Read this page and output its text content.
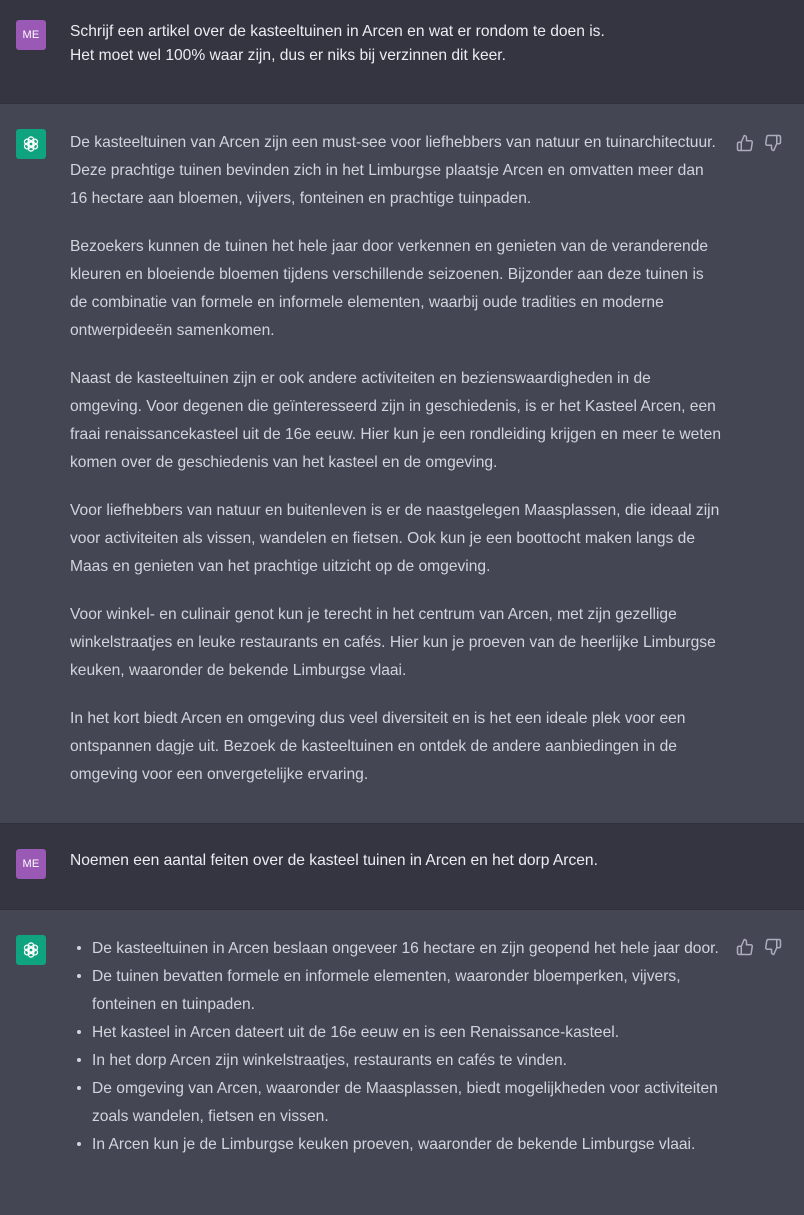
ME Schrijf een artikel over de kasteeltuinen in Arcen en wat er rondom te doen is.

Het moet wel 100% waar zijn, dus er niks bij verzinnen dit keer.

De kasteeltuinen van Arcen zijn een must-see voor liefhebbers van natuur en tuinarchitectuur. Deze prachtige tuinen bevinden zich in het Limburgse plaatsje Arcen en omvatten meer dan 16 hectare aan bloemen, vijvers, fonteinen en prachtige tuinpaden.

Bezoekers kunnen de tuinen het hele jaar door verkennen en genieten van de veranderende kleuren en bloeiende bloemen tijdens verschillende seizoenen. Bijzonder aan deze tuinen is de combinatie van formele en informele elementen, waarbij oude tradities en moderne ontwerpideeën samenkomen.

Naast de kasteeltuinen zijn er ook andere activiteiten en bezienswaardigheden in de omgeving. Voor degenen die geïnteresseerd zijn in geschiedenis, is er het Kasteel Arcen, een fraai renaissancekasteel uit de 16e eeuw. Hier kun je een rondleiding krijgen en meer te weten komen over de geschiedenis van het kasteel en de omgeving.

Voor liefhebbers van natuur en buitenleven is er de naastgelegen Maasplassen, die ideaal zijn voor activiteiten als vissen, wandelen en fietsen. Ook kun je een boottocht maken langs de Maas en genieten van het prachtige uitzicht op de omgeving.

Voor winkel- en culinair genot kun je terecht in het centrum van Arcen, met zijn gezellige winkelstraatjes en leuke restaurants en cafés. Hier kun je proeven van de heerlijke Limburgse keuken, waaronder de bekende Limburgse vlaai.

In het kort biedt Arcen en omgeving dus veel diversiteit en is het een ideale plek voor een ontspannen dagje uit. Bezoek de kasteeltuinen en ontdek de andere aanbiedingen in de omgeving voor een onvergetelijke ervaring.

ME Noemen een aantal feiten over de kasteel tuinen in Arcen en het dorp Arcen.

De kasteeltuinen in Arcen beslaan ongeveer 16 hectare en zijn geopend het hele jaar door.
De tuinen bevatten formele en informele elementen, waaronder bloemperken, vijvers, fonteinen en tuinpaden.
Het kasteel in Arcen dateert uit de 16e eeuw en is een Renaissance-kasteel.
In het dorp Arcen zijn winkelstraatjes, restaurants en cafés te vinden.
De omgeving van Arcen, waaronder de Maasplassen, biedt mogelijkheden voor activiteiten zoals wandelen, fietsen en vissen.
In Arcen kun je de Limburgse keuken proeven, waaronder de bekende Limburgse vlaai.
